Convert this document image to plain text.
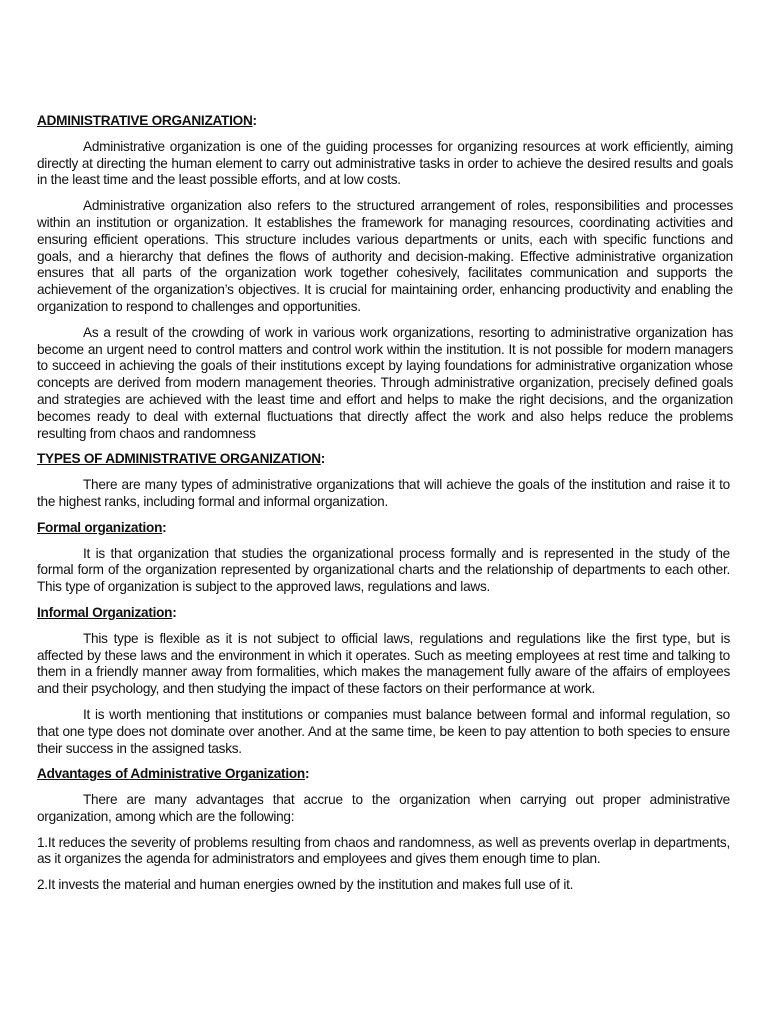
ADMINISTRATIVE ORGANIZATION:

Administrative organization is one of the guiding processes for organizing resources at work efficiently, aiming directly at directing the human element to carry out administrative tasks in order to achieve the desired results and goals in the least time and the least possible efforts, and at low costs.

Administrative organization also refers to the structured arrangement of roles, responsibilities and processes within an institution or organization. It establishes the framework for managing resources, coordinating activities and ensuring efficient operations. This structure includes various departments or units, each with specific functions and goals, and a hierarchy that defines the flows of authority and decision-making. Effective administrative organization ensures that all parts of the organization work together cohesively, facilitates communication and supports the achievement of the organization’s objectives. It is crucial for maintaining order, enhancing productivity and enabling the organization to respond to challenges and opportunities.

As a result of the crowding of work in various work organizations, resorting to administrative organization has become an urgent need to control matters and control work within the institution. It is not possible for modern managers to succeed in achieving the goals of their institutions except by laying foundations for administrative organization whose concepts are derived from modern management theories. Through administrative organization, precisely defined goals and strategies are achieved with the least time and effort and helps to make the right decisions, and the organization becomes ready to deal with external fluctuations that directly affect the work and also helps reduce the problems resulting from chaos and randomness

TYPES OF ADMINISTRATIVE ORGANIZATION:

There are many types of administrative organizations that will achieve the goals of the institution and raise it to the highest ranks, including formal and informal organization.

Formal organization:

It is that organization that studies the organizational process formally and is represented in the study of the formal form of the organization represented by organizational charts and the relationship of departments to each other. This type of organization is subject to the approved laws, regulations and laws.

Informal Organization:

This type is flexible as it is not subject to official laws, regulations and regulations like the first type, but is affected by these laws and the environment in which it operates. Such as meeting employees at rest time and talking to them in a friendly manner away from formalities, which makes the management fully aware of the affairs of employees and their psychology, and then studying the impact of these factors on their performance at work.

It is worth mentioning that institutions or companies must balance between formal and informal regulation, so that one type does not dominate over another. And at the same time, be keen to pay attention to both species to ensure their success in the assigned tasks.

Advantages of Administrative Organization:

There are many advantages that accrue to the organization when carrying out proper administrative organization, among which are the following:

1.It reduces the severity of problems resulting from chaos and randomness, as well as prevents overlap in departments, as it organizes the agenda for administrators and employees and gives them enough time to plan.

2.It invests the material and human energies owned by the institution and makes full use of it.
